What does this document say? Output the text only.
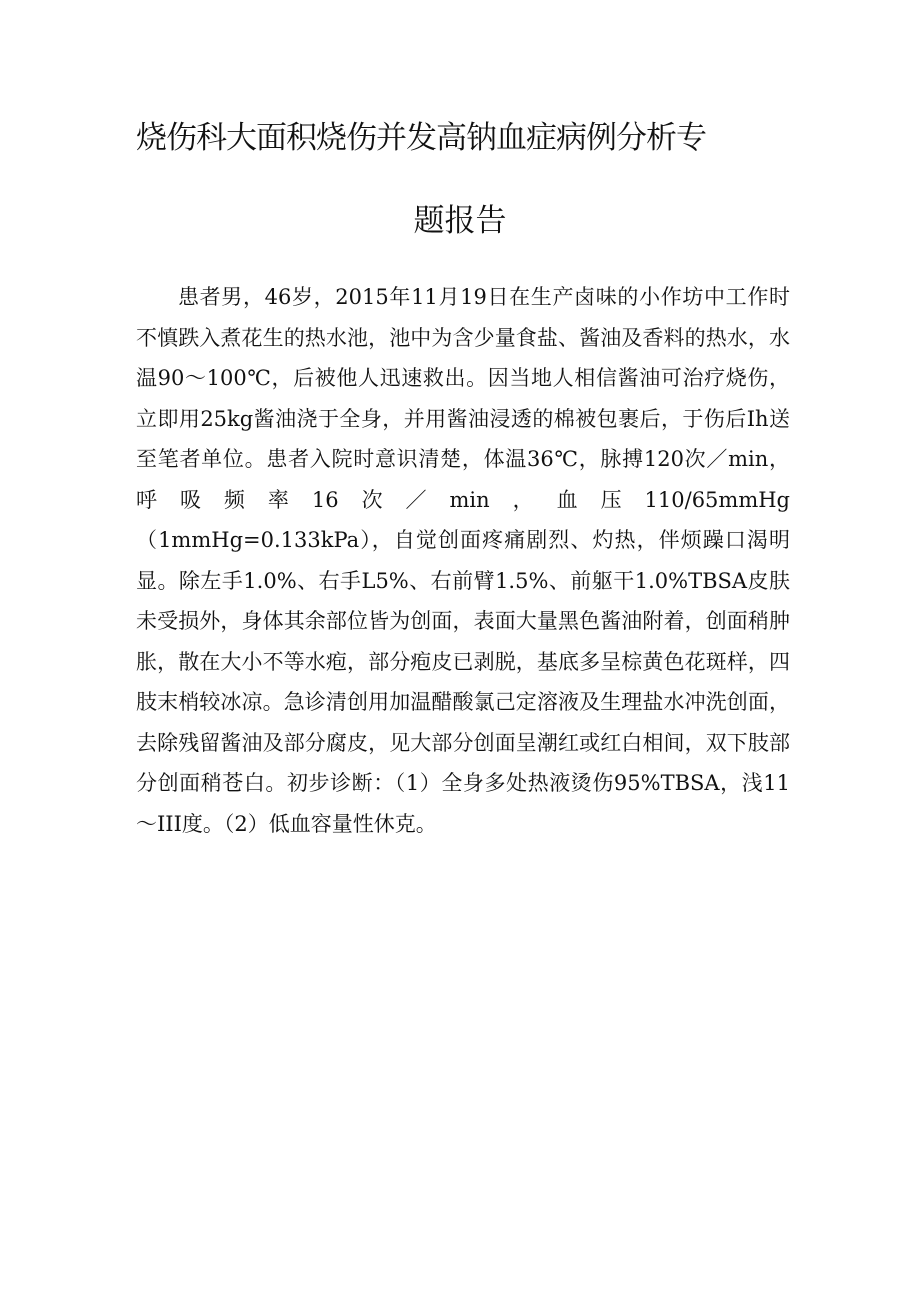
烧伤科大面积烧伤并发高钠血症病例分析专
题报告

患者男，46岁，2015年11月19日在生产卤味的小作坊中工作时不慎跌入煮花生的热水池，池中为含少量食盐、酱油及香料的热水，水温90～100℃，后被他人迅速救出。因当地人相信酱油可治疗烧伤，立即用25kg酱油浇于全身，并用酱油浸透的棉被包裹后，于伤后Ih送至笔者单位。患者入院时意识清楚，体温36℃，脉搏120次／min，呼吸频率16次／min，血压110/65mmHg（1mmHg=0.133kPa），自觉创面疼痛剧烈、灼热，伴烦躁口渴明显。除左手1.0%、右手L5%、右前臂1.5%、前躯干1.0%TBSA皮肤未受损外，身体其余部位皆为创面，表面大量黑色酱油附着，创面稍肿胀，散在大小不等水疱，部分疱皮已剥脱，基底多呈棕黄色花斑样，四肢末梢较冰凉。急诊清创用加温醋酸氯己定溶液及生理盐水冲洗创面，去除残留酱油及部分腐皮，见大部分创面呈潮红或红白相间，双下肢部分创面稍苍白。初步诊断：（1）全身多处热液烫伤95%TBSA，浅11～III度。（2）低血容量性休克。
